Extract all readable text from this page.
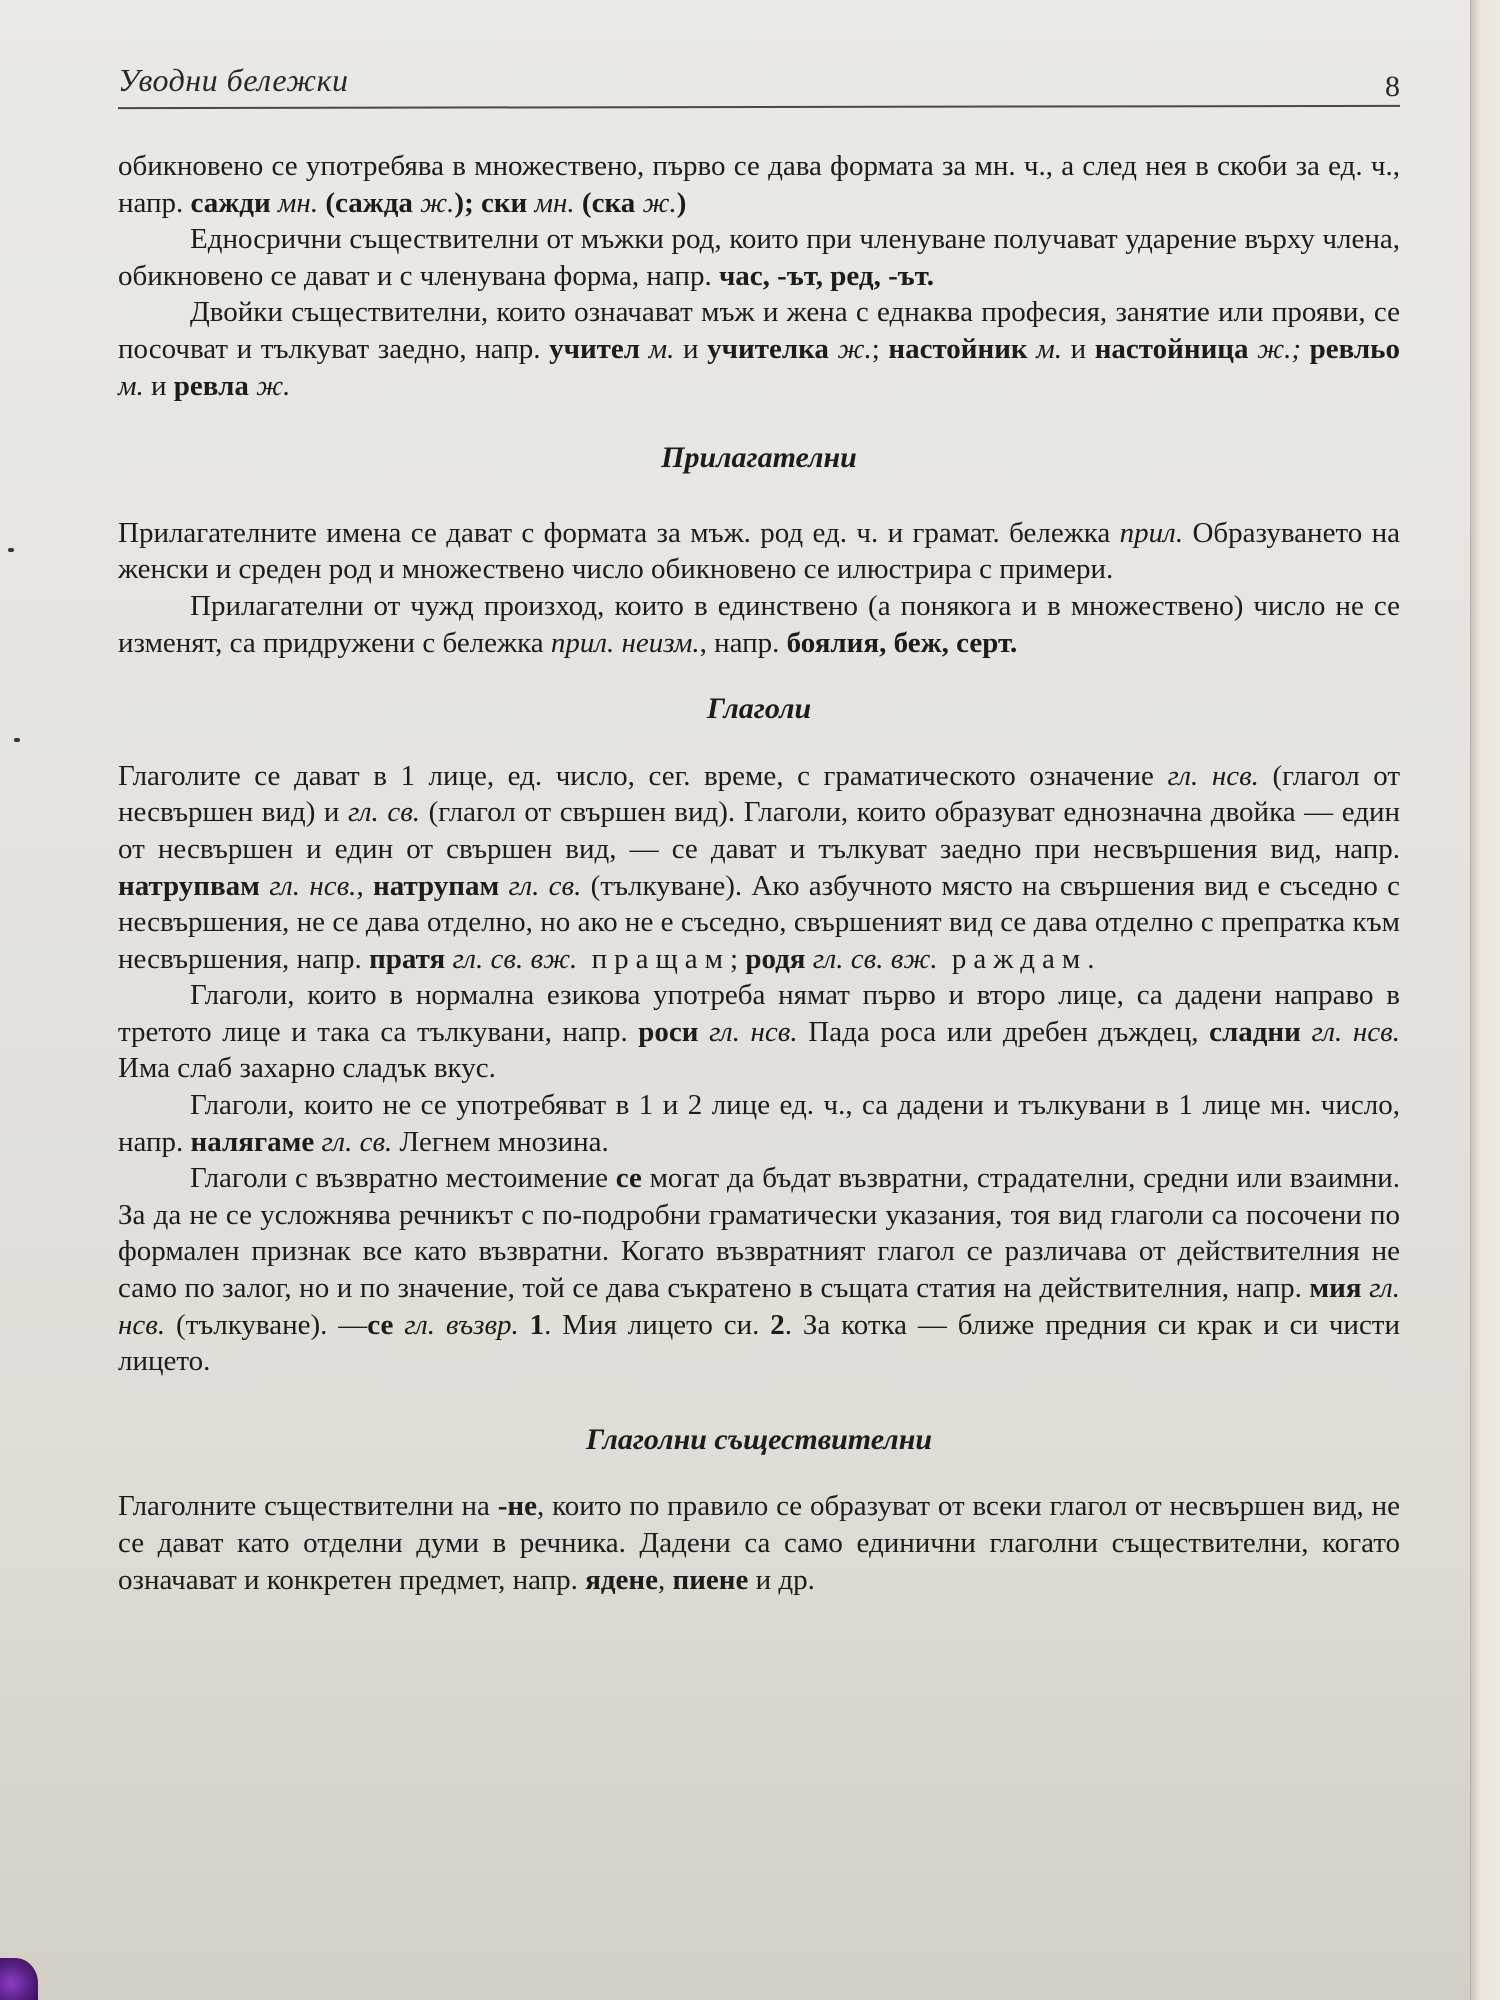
Уводни бележки	8

обикновено се употребява в множествено, първо се дава формата за мн. ч., а след нея в скоби за ед. ч., напр. сажди мн. (сажда ж.); ски мн. (ска ж.)

Едносрични съществителни от мъжки род, които при членуване получават ударение върху члена, обикновено се дават и с членувана форма, напр. час, -ът, ред, -ът.

Двойки съществителни, които означават мъж и жена с еднаква професия, занятие или прояви, се посочват и тълкуват заедно, напр. учител м. и учителка ж.; настойник м. и настойница ж.; ревльо м. и ревла ж.

Прилагателни

Прилагателните имена се дават с формата за мъж. род ед. ч. и грамат. бележка прил. Образуването на женски и среден род и множествено число обикновено се илюстрира с примери.

Прилагателни от чужд произход, които в единствено (а понякога и в множествено) число не се изменят, са придружени с бележка прил. неизм., напр. боялия, беж, серт.

Глаголи

Глаголите се дават в 1 лице, ед. число, сег. време, с граматическото означение гл. нсв. (глагол от несвършен вид) и гл. св. (глагол от свършен вид). Глаголи, които образуват еднозначна двойка — един от несвършен и един от свършен вид, — се дават и тълкуват заедно при несвършения вид, напр. натрупвам гл. нсв., натрупам гл. св. (тълкуване). Ако азбучното място на свършения вид е съседно с несвършения, не се дава отделно, но ако не е съседно, свършеният вид се дава отделно с препратка към несвършения, напр. пратя гл. св. вж. пращам; родя гл. св. вж. раждам.

Глаголи, които в нормална езикова употреба нямат първо и второ лице, са дадени направо в третото лице и така са тълкувани, напр. роси гл. нсв. Пада роса или дребен дъждец, сладни гл. нсв. Има слаб захарно сладък вкус.

Глаголи, които не се употребяват в 1 и 2 лице ед. ч., са дадени и тълкувани в 1 лице мн. число, напр. налягаме гл. св. Легнем мнозина.

Глаголи с възвратно местоимение се могат да бъдат възвратни, страдателни, средни или взаимни. За да не се усложнява речникът с по-подробни граматически указания, тоя вид глаголи са посочени по формален признак все като възвратни. Когато възвратният глагол се различава от действителния не само по залог, но и по значение, той се дава съкратено в същата статия на действителния, напр. мия гл. нсв. (тълкуване). —се гл. възвр. 1. Мия лицето си. 2. За котка — ближе предния си крак и си чисти лицето.

Глаголни съществителни

Глаголните съществителни на -не, които по правило се образуват от всеки глагол от несвършен вид, не се дават като отделни думи в речника. Дадени са само единични глаголни съществителни, когато означават и конкретен предмет, напр. ядене, пиене и др.
